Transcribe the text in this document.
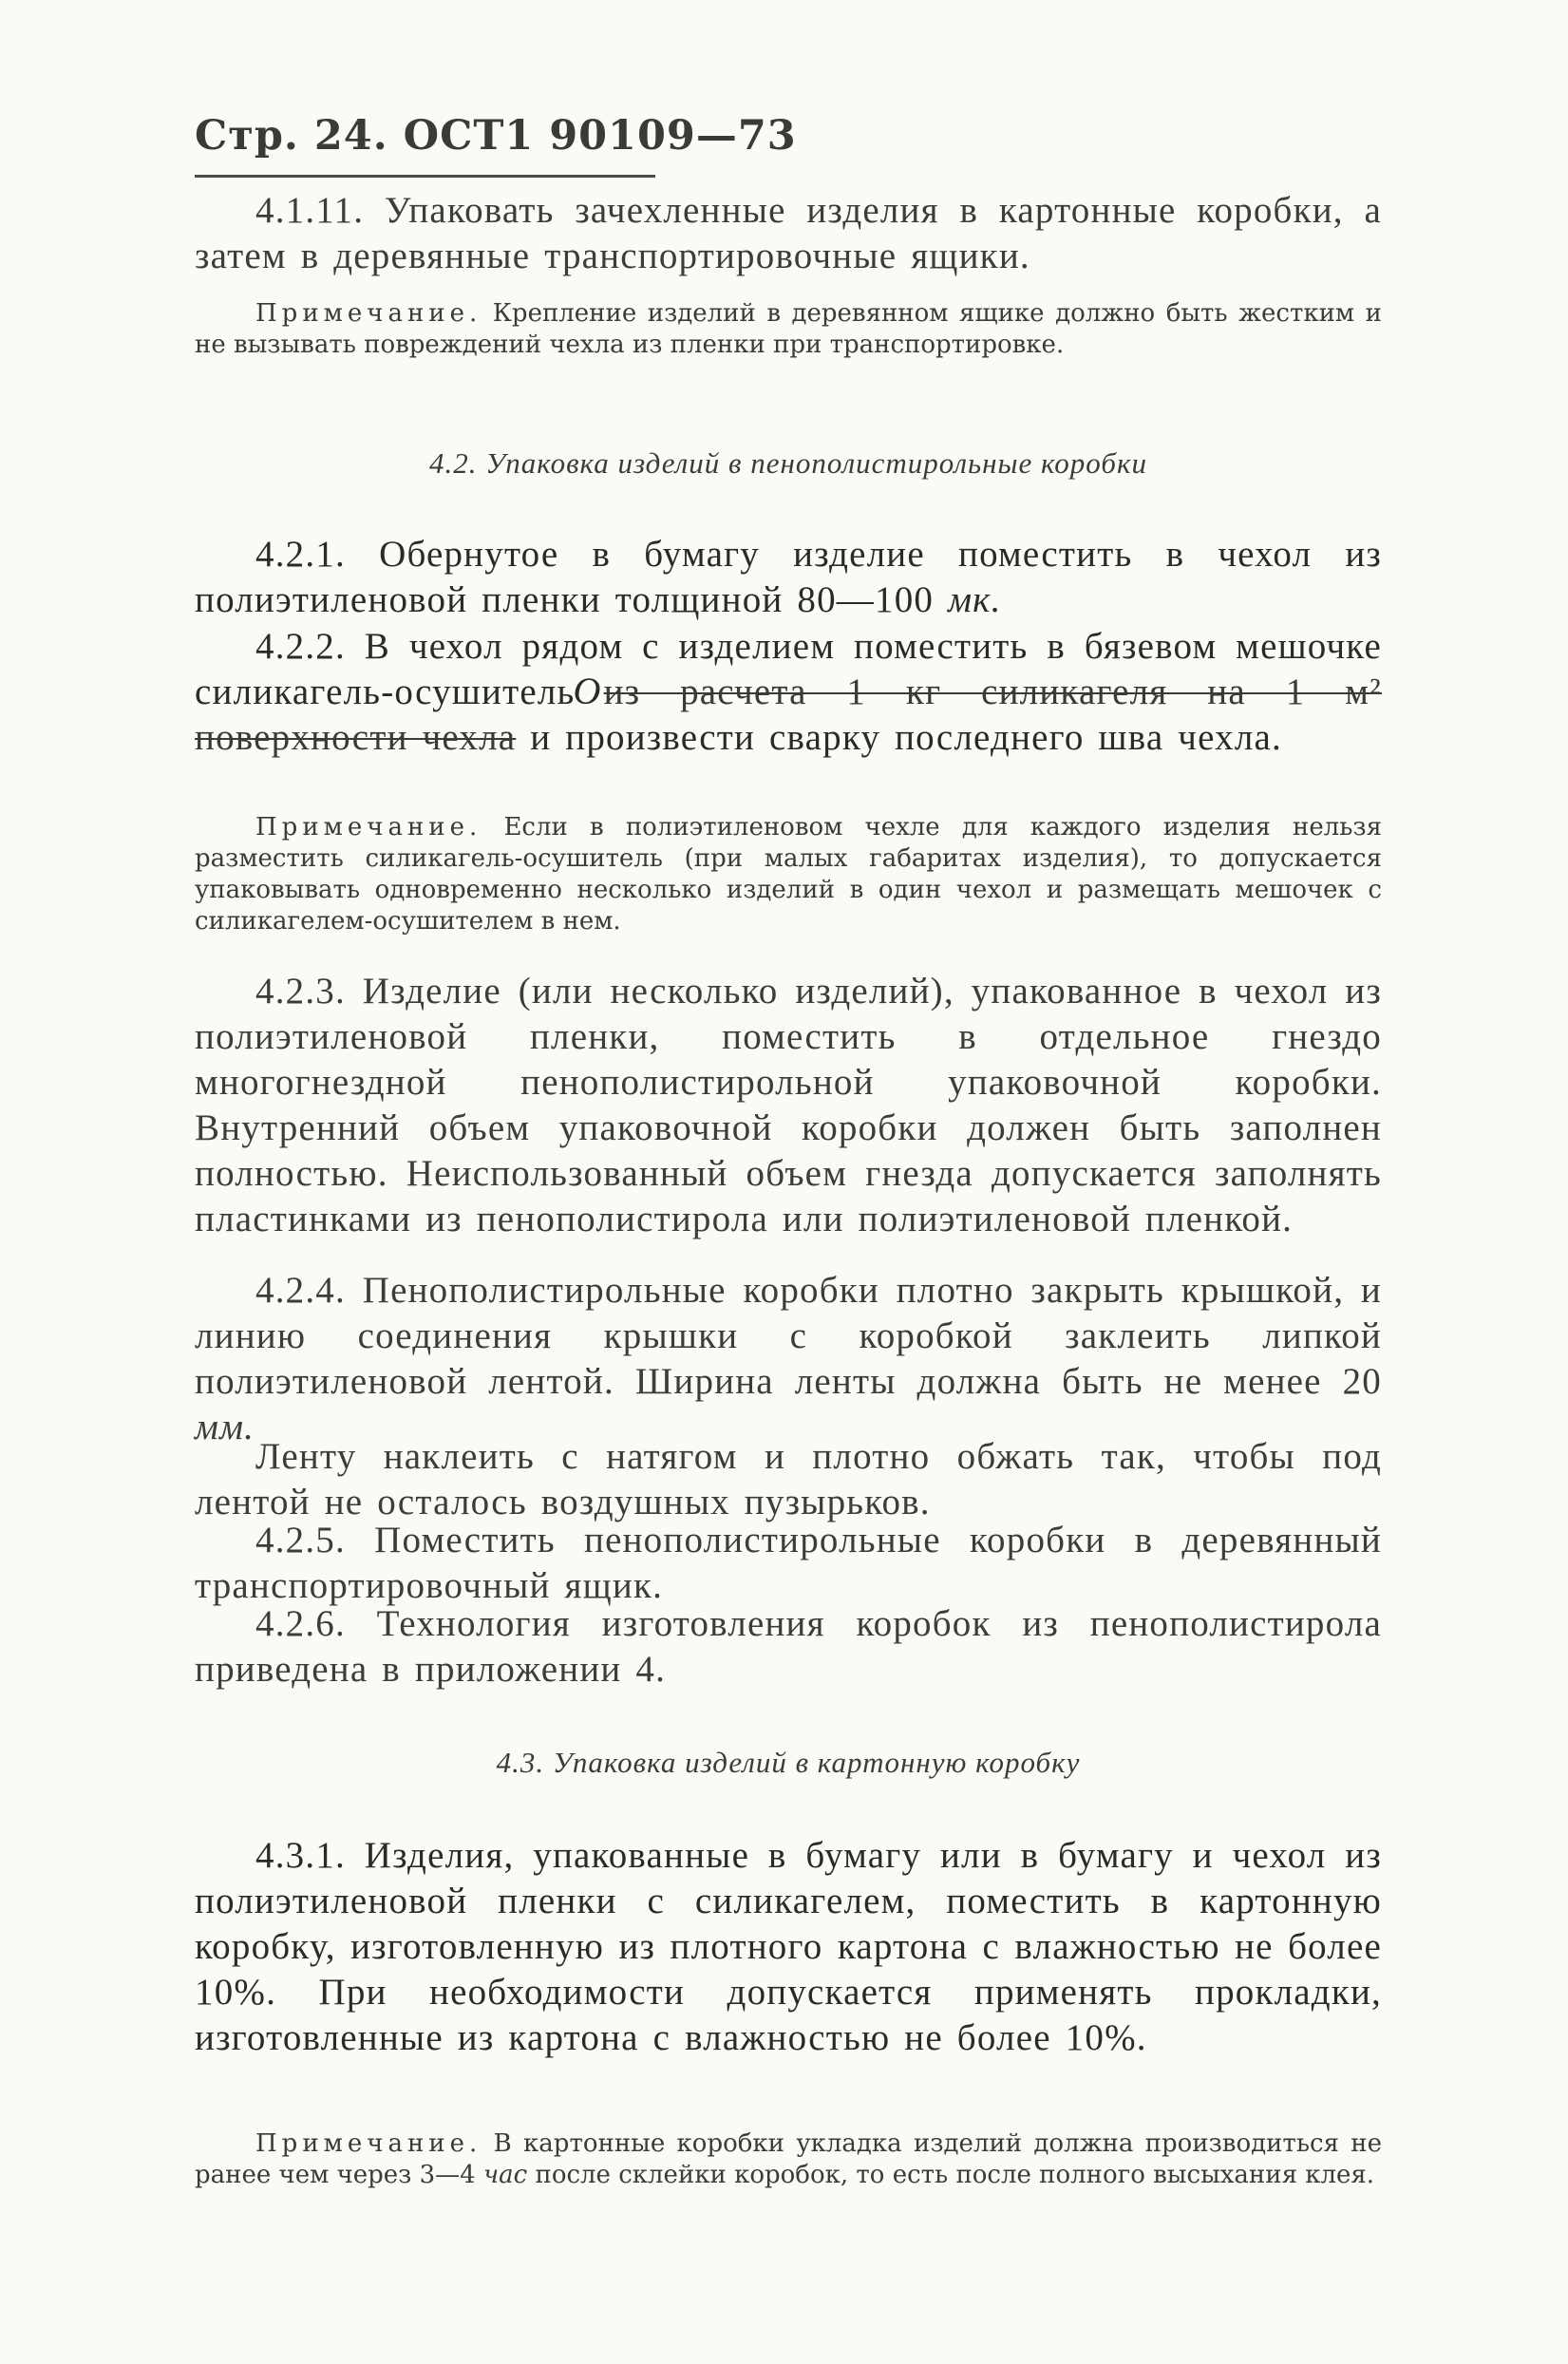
Стр. 24. ОСТ1 90109—73

4.1.11. Упаковать зачехленные изделия в картонные коробки, а затем в деревянные транспортировочные ящики.

Примечание. Крепление изделий в деревянном ящике должно быть жестким и не вызывать повреждений чехла из пленки при транспортировке.

4.2. Упаковка изделий в пенополистирольные коробки

4.2.1. Обернутое в бумагу изделие поместить в чехол из полиэтиленовой пленки толщиной 80—100 мк.

4.2.2. В чехол рядом с изделием поместить в бязевом мешочке силикагель-осушительОиз расчета 1 кг силикагеля на 1 м² поверхности чехла и произвести сварку последнего шва чехла.

Примечание. Если в полиэтиленовом чехле для каждого изделия нельзя разместить силикагель-осушитель (при малых габаритах изделия), то допускается упаковывать одновременно несколько изделий в один чехол и размещать мешочек с силикагелем-осушителем в нем.

4.2.3. Изделие (или несколько изделий), упакованное в чехол из полиэтиленовой пленки, поместить в отдельное гнездо многогнездной пенополистирольной упаковочной коробки. Внутренний объем упаковочной коробки должен быть заполнен полностью. Неиспользованный объем гнезда допускается заполнять пластинками из пенополистирола или полиэтиленовой пленкой.

4.2.4. Пенополистирольные коробки плотно закрыть крышкой, и линию соединения крышки с коробкой заклеить липкой полиэтиленовой лентой. Ширина ленты должна быть не менее 20 мм.

Ленту наклеить с натягом и плотно обжать так, чтобы под лентой не осталось воздушных пузырьков.

4.2.5. Поместить пенополистирольные коробки в деревянный транспортировочный ящик.

4.2.6. Технология изготовления коробок из пенополистирола приведена в приложении 4.

4.3. Упаковка изделий в картонную коробку

4.3.1. Изделия, упакованные в бумагу или в бумагу и чехол из полиэтиленовой пленки с силикагелем, поместить в картонную коробку, изготовленную из плотного картона с влажностью не более 10%. При необходимости допускается применять прокладки, изготовленные из картона с влажностью не более 10%.

Примечание. В картонные коробки укладка изделий должна производиться не ранее чем через 3—4 час после склейки коробок, то есть после полного высыхания клея.
